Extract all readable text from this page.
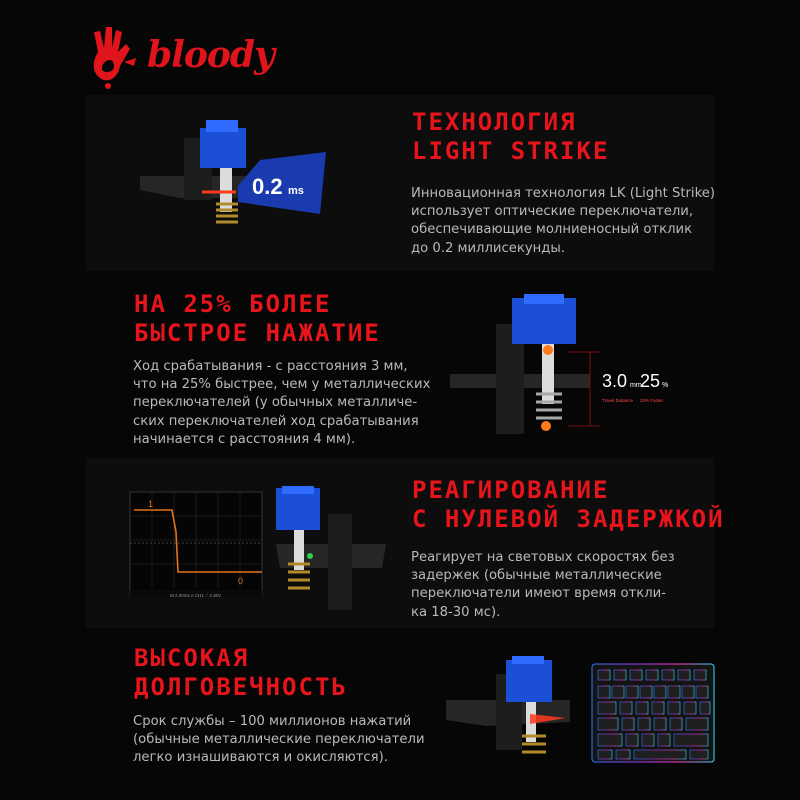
bloody
0.2 ms
ТЕХНОЛОГИЯ
LIGHT STRIKE

Инновационная технология LK (Light Strike)
использует оптические переключатели,
обеспечивающие молниеносный отклик
до 0.2 миллисекунды.

НА 25% БОЛЕЕ
БЫСТРОЕ НАЖАТИЕ

Ход срабатывания - с расстояния 3 мм,
что на 25% быстрее, чем у металлических
переключателей (у обычных металличе-
ских переключателей ход срабатывания
начинается с расстояния 4 мм).

3.0 mm
Travel Distance
25 %
25% Faster
1
0
M 2.00ms A CH1 ⟋ 2.30V
РЕАГИРОВАНИЕ
С НУЛЕВОЙ ЗАДЕРЖКОЙ

Реагирует на световых скоростях без
задержек (обычные металлические
переключатели имеют время откли-
ка 18-30 мс).

ВЫСОКАЯ
ДОЛГОВЕЧНОСТЬ

Срок службы – 100 миллионов нажатий
(обычные металлические переключатели
легко изнашиваются и окисляются).
